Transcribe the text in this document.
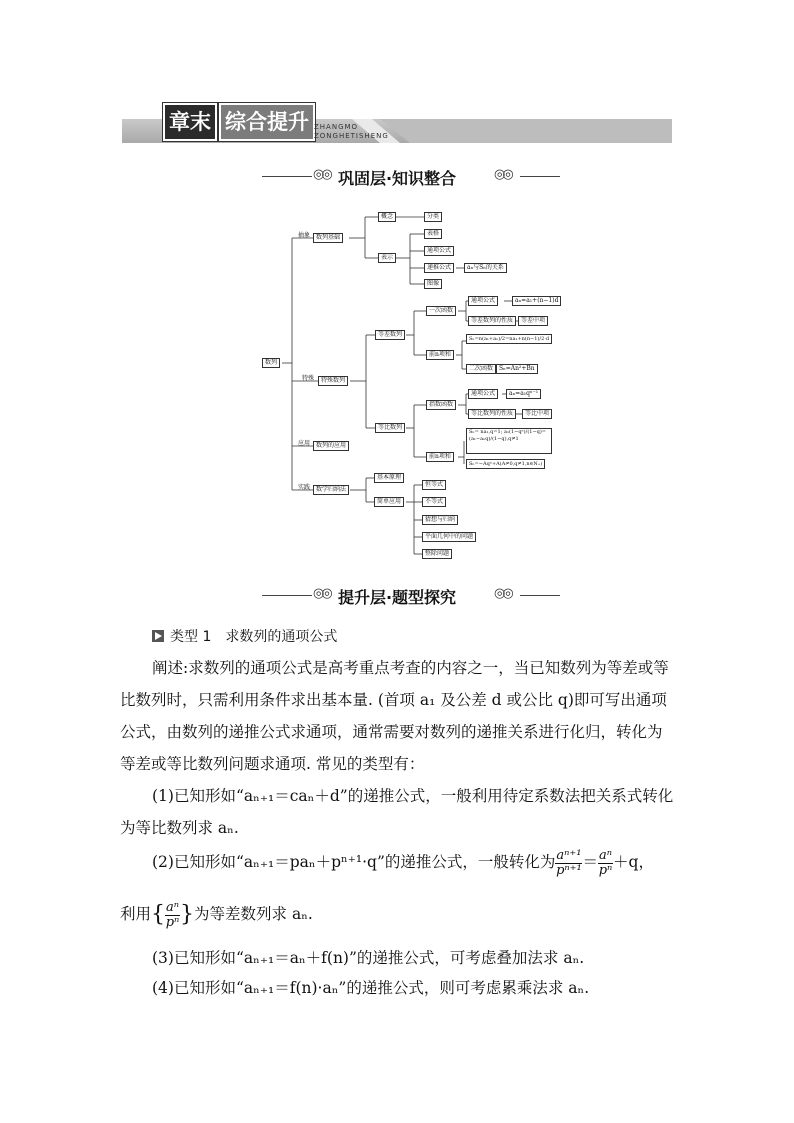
章末 综合提升 ZHANGMO
ZONGHETISHENG
◎◎ 巩固层·知识整合	◎◎
数列
抽象
特殊
应用
实践
数列基础
特殊数列
数列的应用
数学归纳法
概念
表示
分类
表格
通项公式
递推公式
图像
aₙ与Sₙ的关系
等差数列
等比数列
一次函数
前n项和
通项公式	aₙ=a₁+(n−1)d
等差数列的性质	等差中项
Sₙ=n(a₁+aₙ)/2=na₁+n(n−1)/2·d
二次函数 Sₙ=An²+Bn
指数函数
前n项和
通项公式	aₙ=a₁qⁿ⁻¹
等比数列的性质	等比中项
Sₙ= na₁,q=1; a₁(1−qⁿ)/(1−q)=(a₁−aₙq)/(1−q),q≠1
Sₙ=−Aqⁿ+A(A≠0,q≠1,n∈N₊)
基本原理
简单应用
恒等式
不等式
猜想与归纳
平面几何中的问题
整除问题
◎◎ 提升层·题型探究	◎◎
类型 1　求数列的通项公式
阐述:求数列的通项公式是高考重点考查的内容之一，当已知数列为等差或等比数列时，只需利用条件求出基本量. (首项 a₁ 及公差 d 或公比 q)即可写出通项公式，由数列的递推公式求通项，通常需要对数列的递推关系进行化归，转化为等差或等比数列问题求通项. 常见的类型有：
(1)已知形如“aₙ₊₁＝caₙ＋d”的递推公式，一般利用待定系数法把关系式转化为等比数列求 aₙ.
(2)已知形如“aₙ₊₁＝paₙ＋pⁿ⁺¹·q”的递推公式，一般转化为 $\frac{\text{aⁿ⁺¹}}{\text{pⁿ⁺¹}} = \frac{\text{aⁿ}}{\text{pⁿ}} +q$，
利用{ $\frac{\text{aⁿ}}{\text{pⁿ}}$ }为等差数列求 aₙ.
(3)已知形如“aₙ₊₁＝aₙ＋f(n)”的递推公式，可考虑叠加法求 aₙ.
(4)已知形如“aₙ₊₁＝f(n)·aₙ”的递推公式，则可考虑累乘法求 aₙ.
